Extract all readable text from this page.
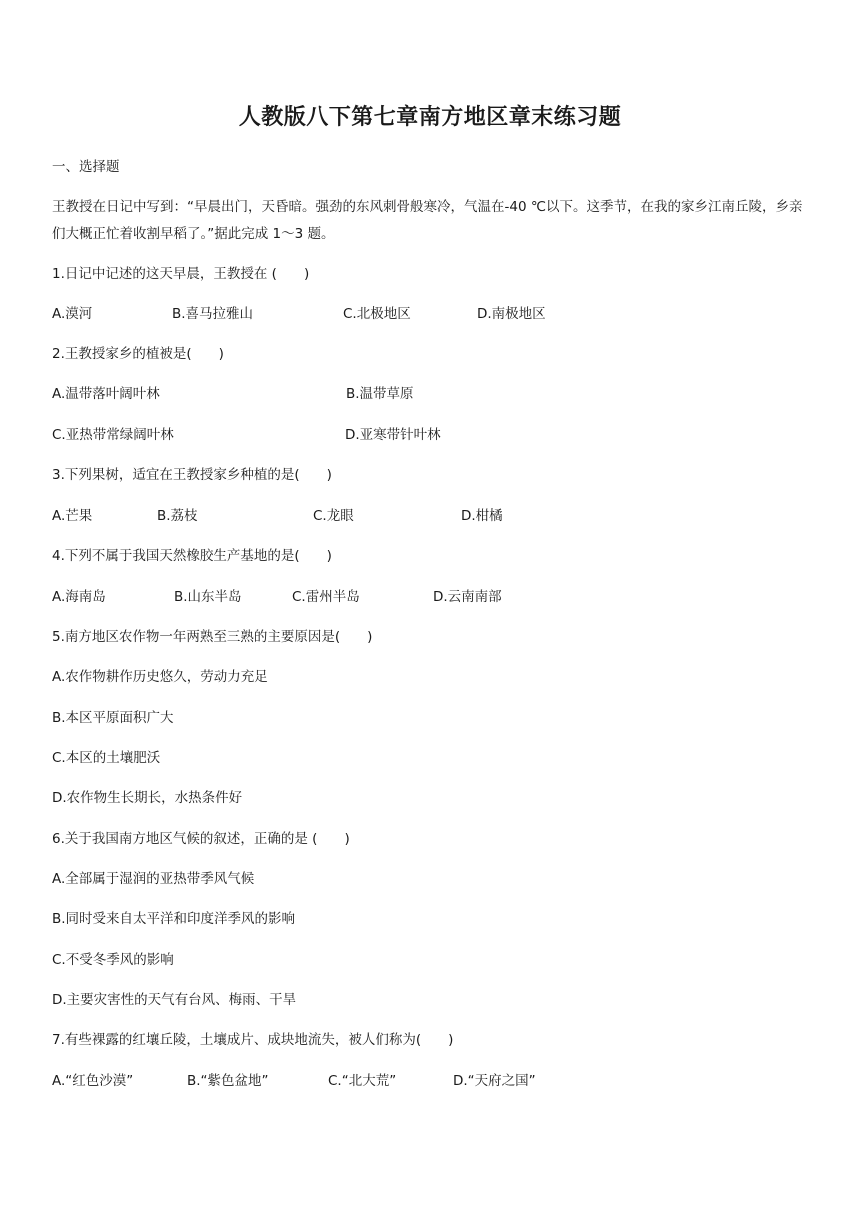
人教版八下第七章南方地区章末练习题
一、选择题
王教授在日记中写到：“早晨出门，天昏暗。强劲的东风刺骨般寒冷，气温在-40 ℃以下。这季节，在我的家乡江南丘陵，乡亲们大概正忙着收割早稻了。”据此完成 1～3 题。
1.日记中记述的这天早晨，王教授在 (　　)
A.漠河	B.喜马拉雅山	C.北极地区	D.南极地区
2.王教授家乡的植被是(　　)
A.温带落叶阔叶林	B.温带草原
C.亚热带常绿阔叶林	D.亚寒带针叶林
3.下列果树，适宜在王教授家乡种植的是(　　)
A.芒果	B.荔枝	C.龙眼	D.柑橘
4.下列不属于我国天然橡胶生产基地的是(　　)
A.海南岛	B.山东半岛	C.雷州半岛	D.云南南部
5.南方地区农作物一年两熟至三熟的主要原因是(　　)
A.农作物耕作历史悠久，劳动力充足
B.本区平原面积广大
C.本区的土壤肥沃
D.农作物生长期长，水热条件好
6.关于我国南方地区气候的叙述，正确的是 (　　)
A.全部属于湿润的亚热带季风气候
B.同时受来自太平洋和印度洋季风的影响
C.不受冬季风的影响
D.主要灾害性的天气有台风、梅雨、干旱
7.有些裸露的红壤丘陵，土壤成片、成块地流失，被人们称为(　　)
A.“红色沙漠”	B.“紫色盆地”	C.“北大荒”	D.“天府之国”
